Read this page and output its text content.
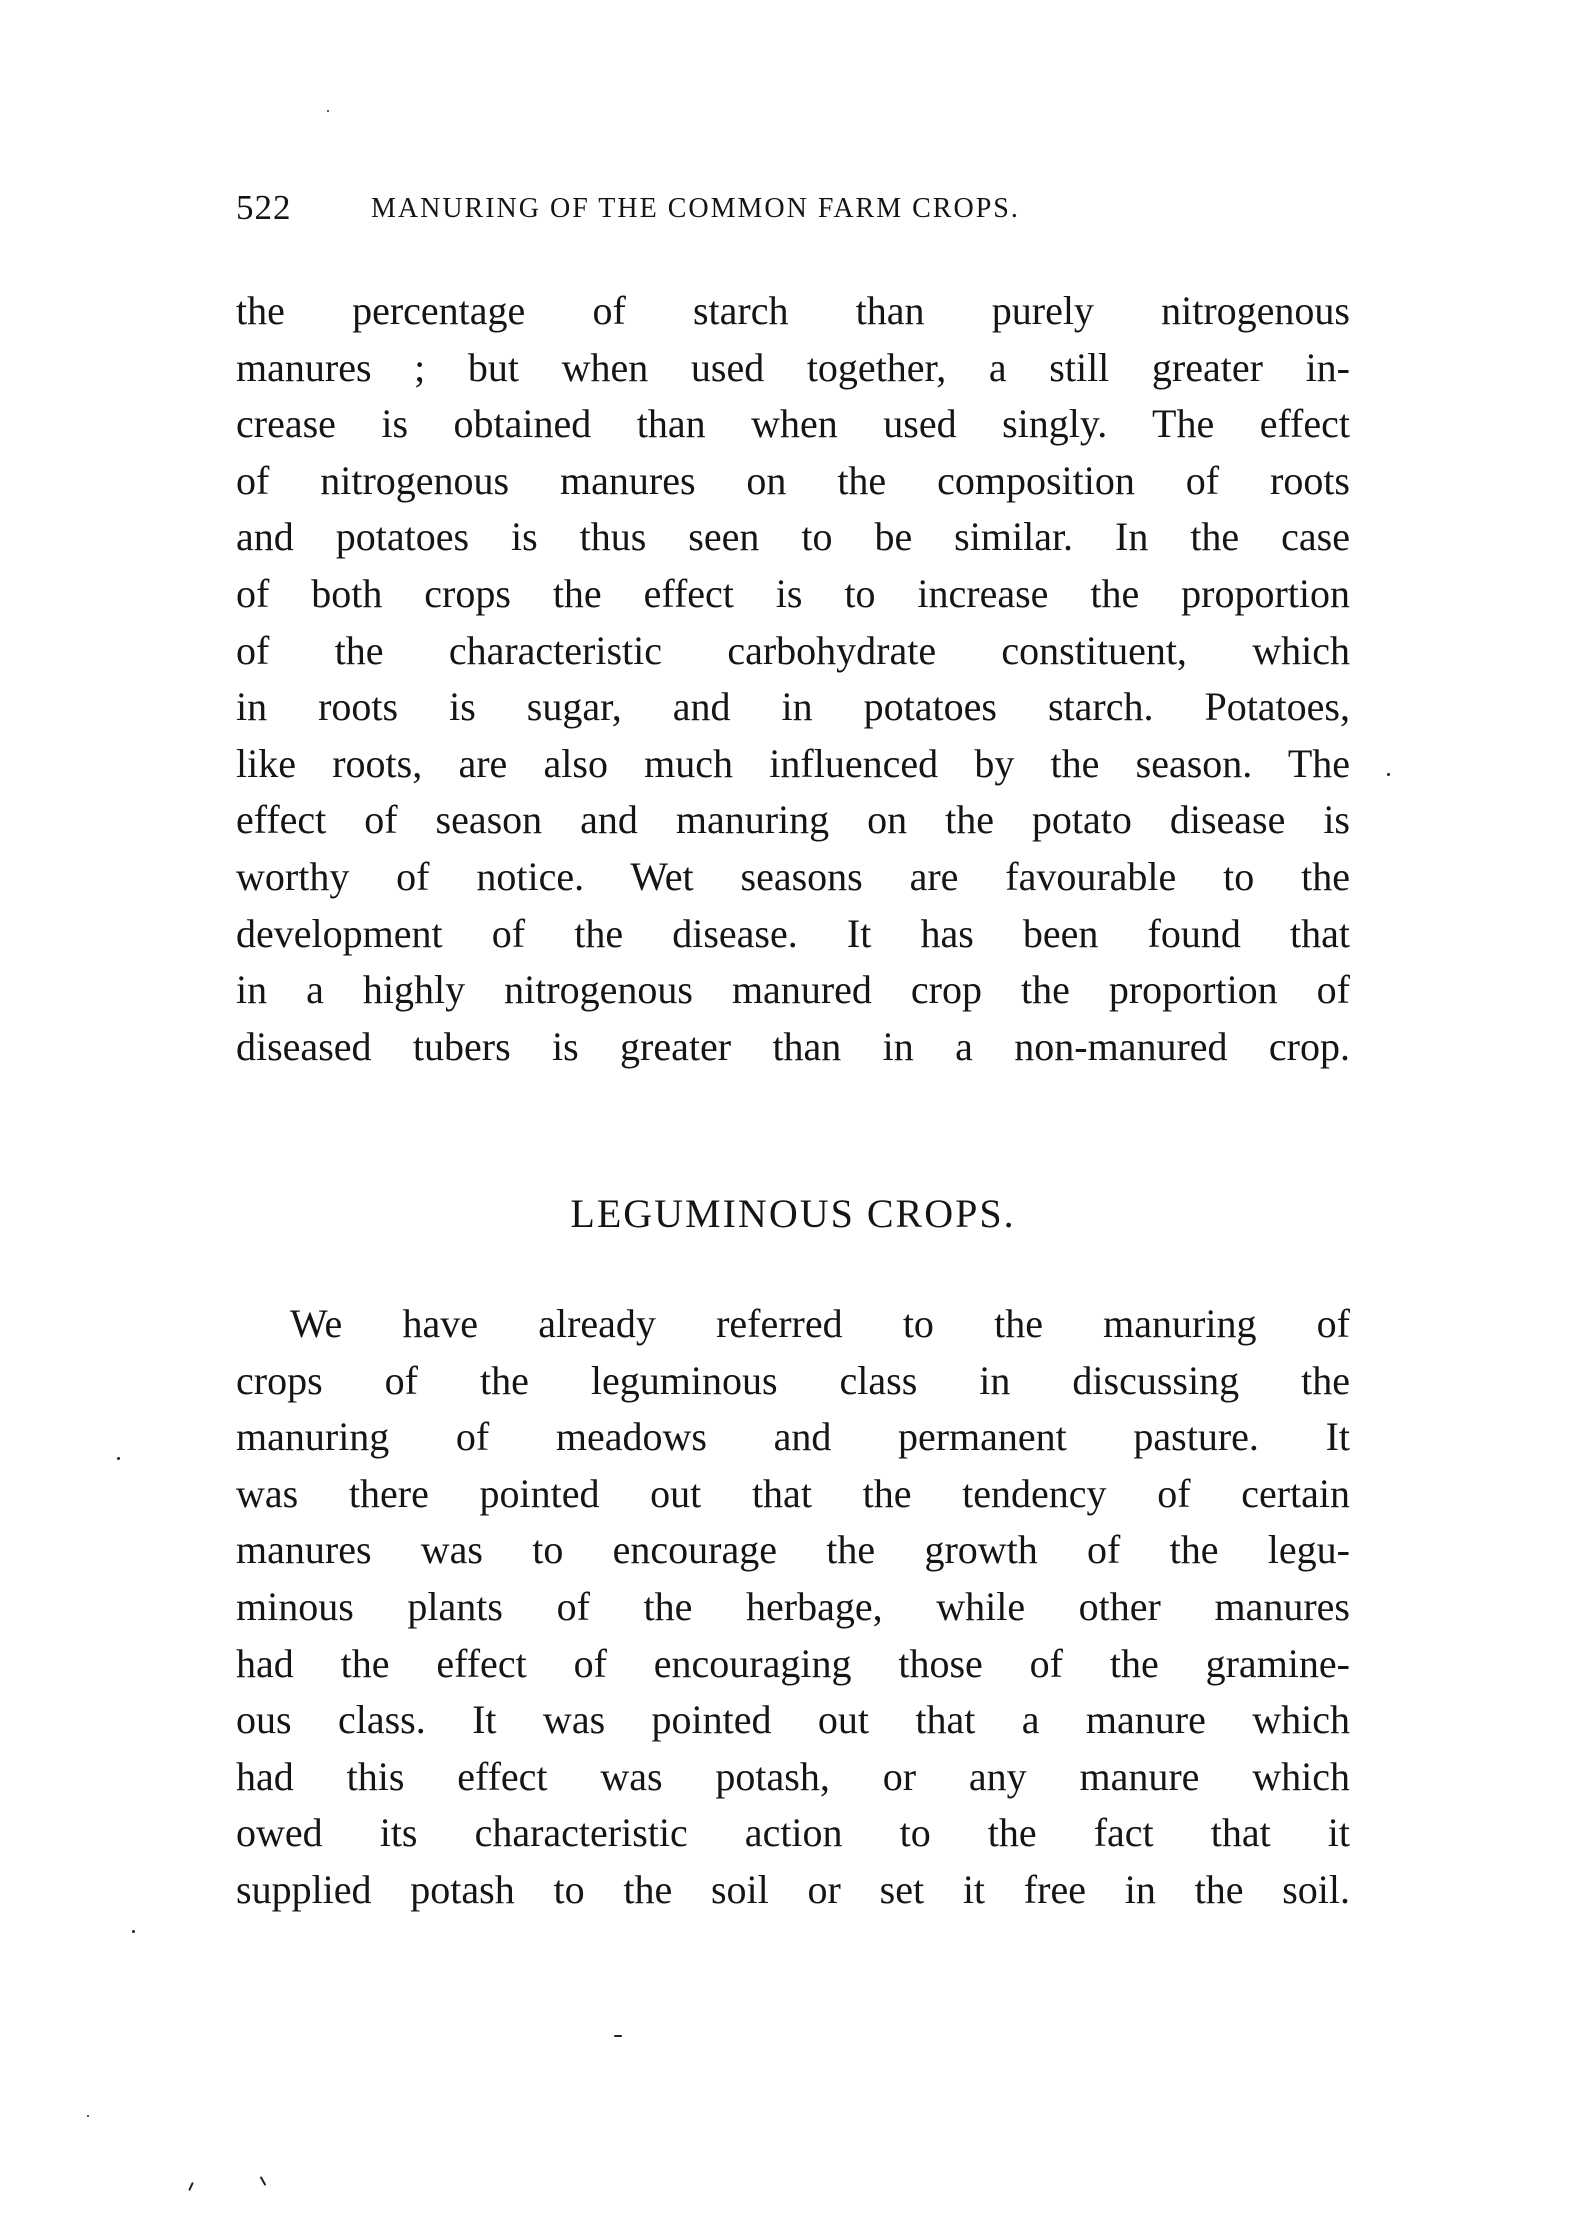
522	MANURING OF THE COMMON FARM CROPS.
the percentage of starch than purely nitrogenous
manures ; but when used together, a still greater in-
crease is obtained than when used singly. The effect
of nitrogenous manures on the composition of roots
and potatoes is thus seen to be similar. In the case
of both crops the effect is to increase the proportion
of the characteristic carbohydrate constituent, which
in roots is sugar, and in potatoes starch. Potatoes,
like roots, are also much influenced by the season. The
effect of season and manuring on the potato disease is
worthy of notice. Wet seasons are favourable to the
development of the disease. It has been found that
in a highly nitrogenous manured crop the proportion of
diseased tubers is greater than in a non-manured crop.
LEGUMINOUS CROPS.
We have already referred to the manuring of
crops of the leguminous class in discussing the
manuring of meadows and permanent pasture. It
was there pointed out that the tendency of certain
manures was to encourage the growth of the legu-
minous plants of the herbage, while other manures
had the effect of encouraging those of the gramine-
ous class. It was pointed out that a manure which
had this effect was potash, or any manure which
owed its characteristic action to the fact that it
supplied potash to the soil or set it free in the soil.
